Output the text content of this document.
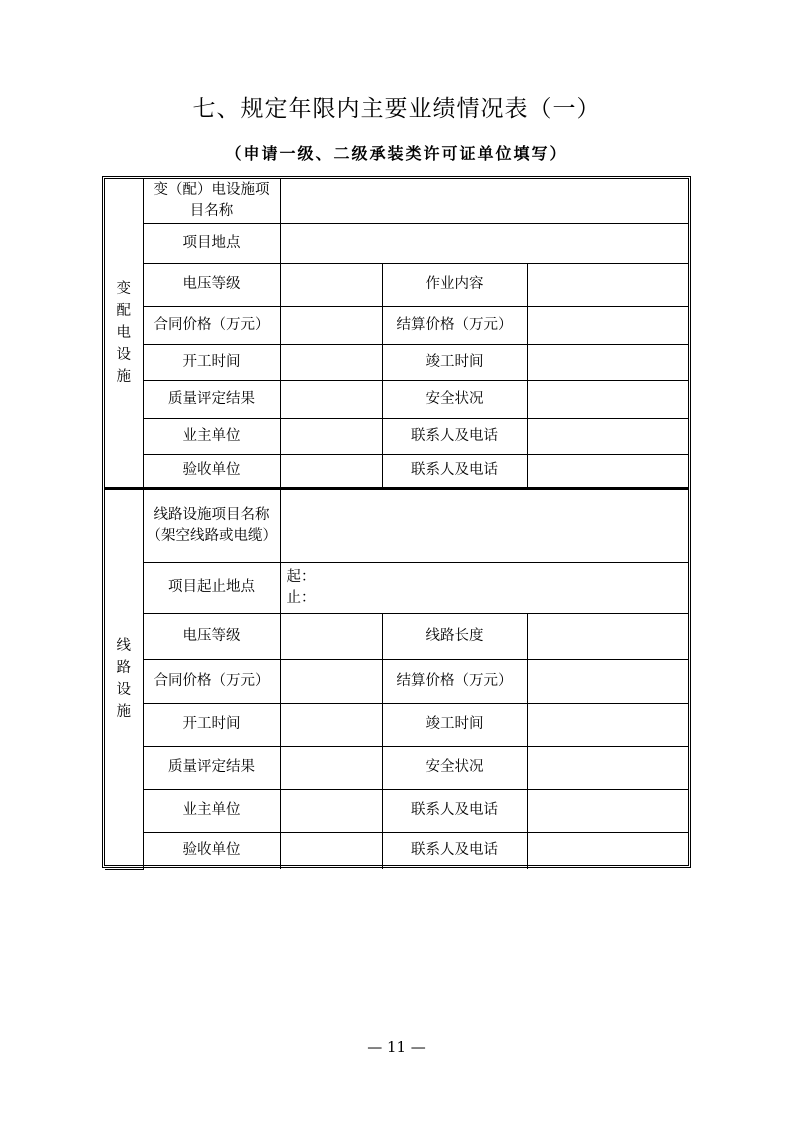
七、规定年限内主要业绩情况表（一）
（申请一级、二级承装类许可证单位填写）
变
配
电
设
施	变（配）电设施项目名称			
	项目地点			
	电压等级		作业内容	
	合同价格（万元）		结算价格（万元）	
	开工时间		竣工时间	
	质量评定结果		安全状况	
	业主单位		联系人及电话	
	验收单位		联系人及电话	

线
路
设
施	线路设施项目名称（架空线路或电缆）			
	项目起止地点	起：
止：		

	电压等级		线路长度	
	合同价格（万元）		结算价格（万元）	
	开工时间		竣工时间	
	质量评定结果		安全状况	
	业主单位		联系人及电话	
	验收单位		联系人及电话	
— 11 —
